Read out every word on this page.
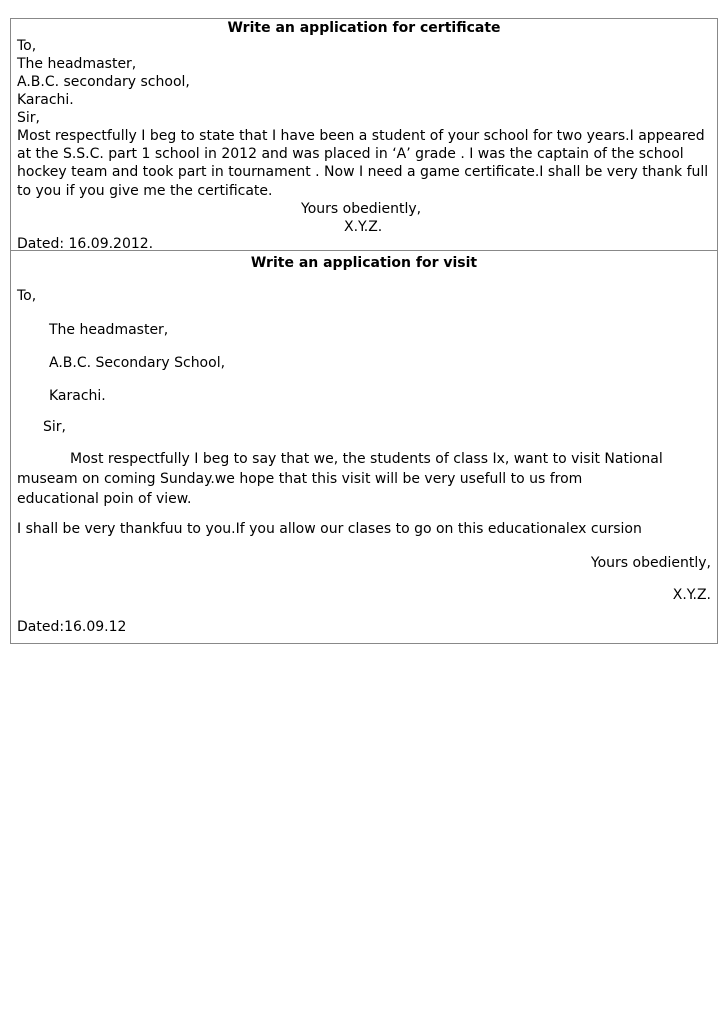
Write an application for certificate
To,
The headmaster,
A.B.C. secondary school,
Karachi.
Sir,
Most respectfully I beg to state that I have been a student of your school for two years.I appeared at the S.S.C. part 1 school in 2012 and was placed in ‘A’ grade . I was the captain of the school hockey team and took part in tournament . Now I need a game certificate.I shall be very thank full to you if you give me the certificate.
Yours obediently,
X.Y.Z.
Dated: 16.09.2012.
Write an application for visit
To,
The headmaster,
A.B.C. Secondary School,
Karachi.
Sir,
Most respectfully I beg to say that we, the students of class Ix, want to visit National
museam on coming Sunday.we hope that this visit will be very usefull to us from educational poin of view.
I shall be very thankfuu to you.If you allow our clases to go on this educationalex cursion
Yours obediently,
X.Y.Z.
Dated:16.09.12
